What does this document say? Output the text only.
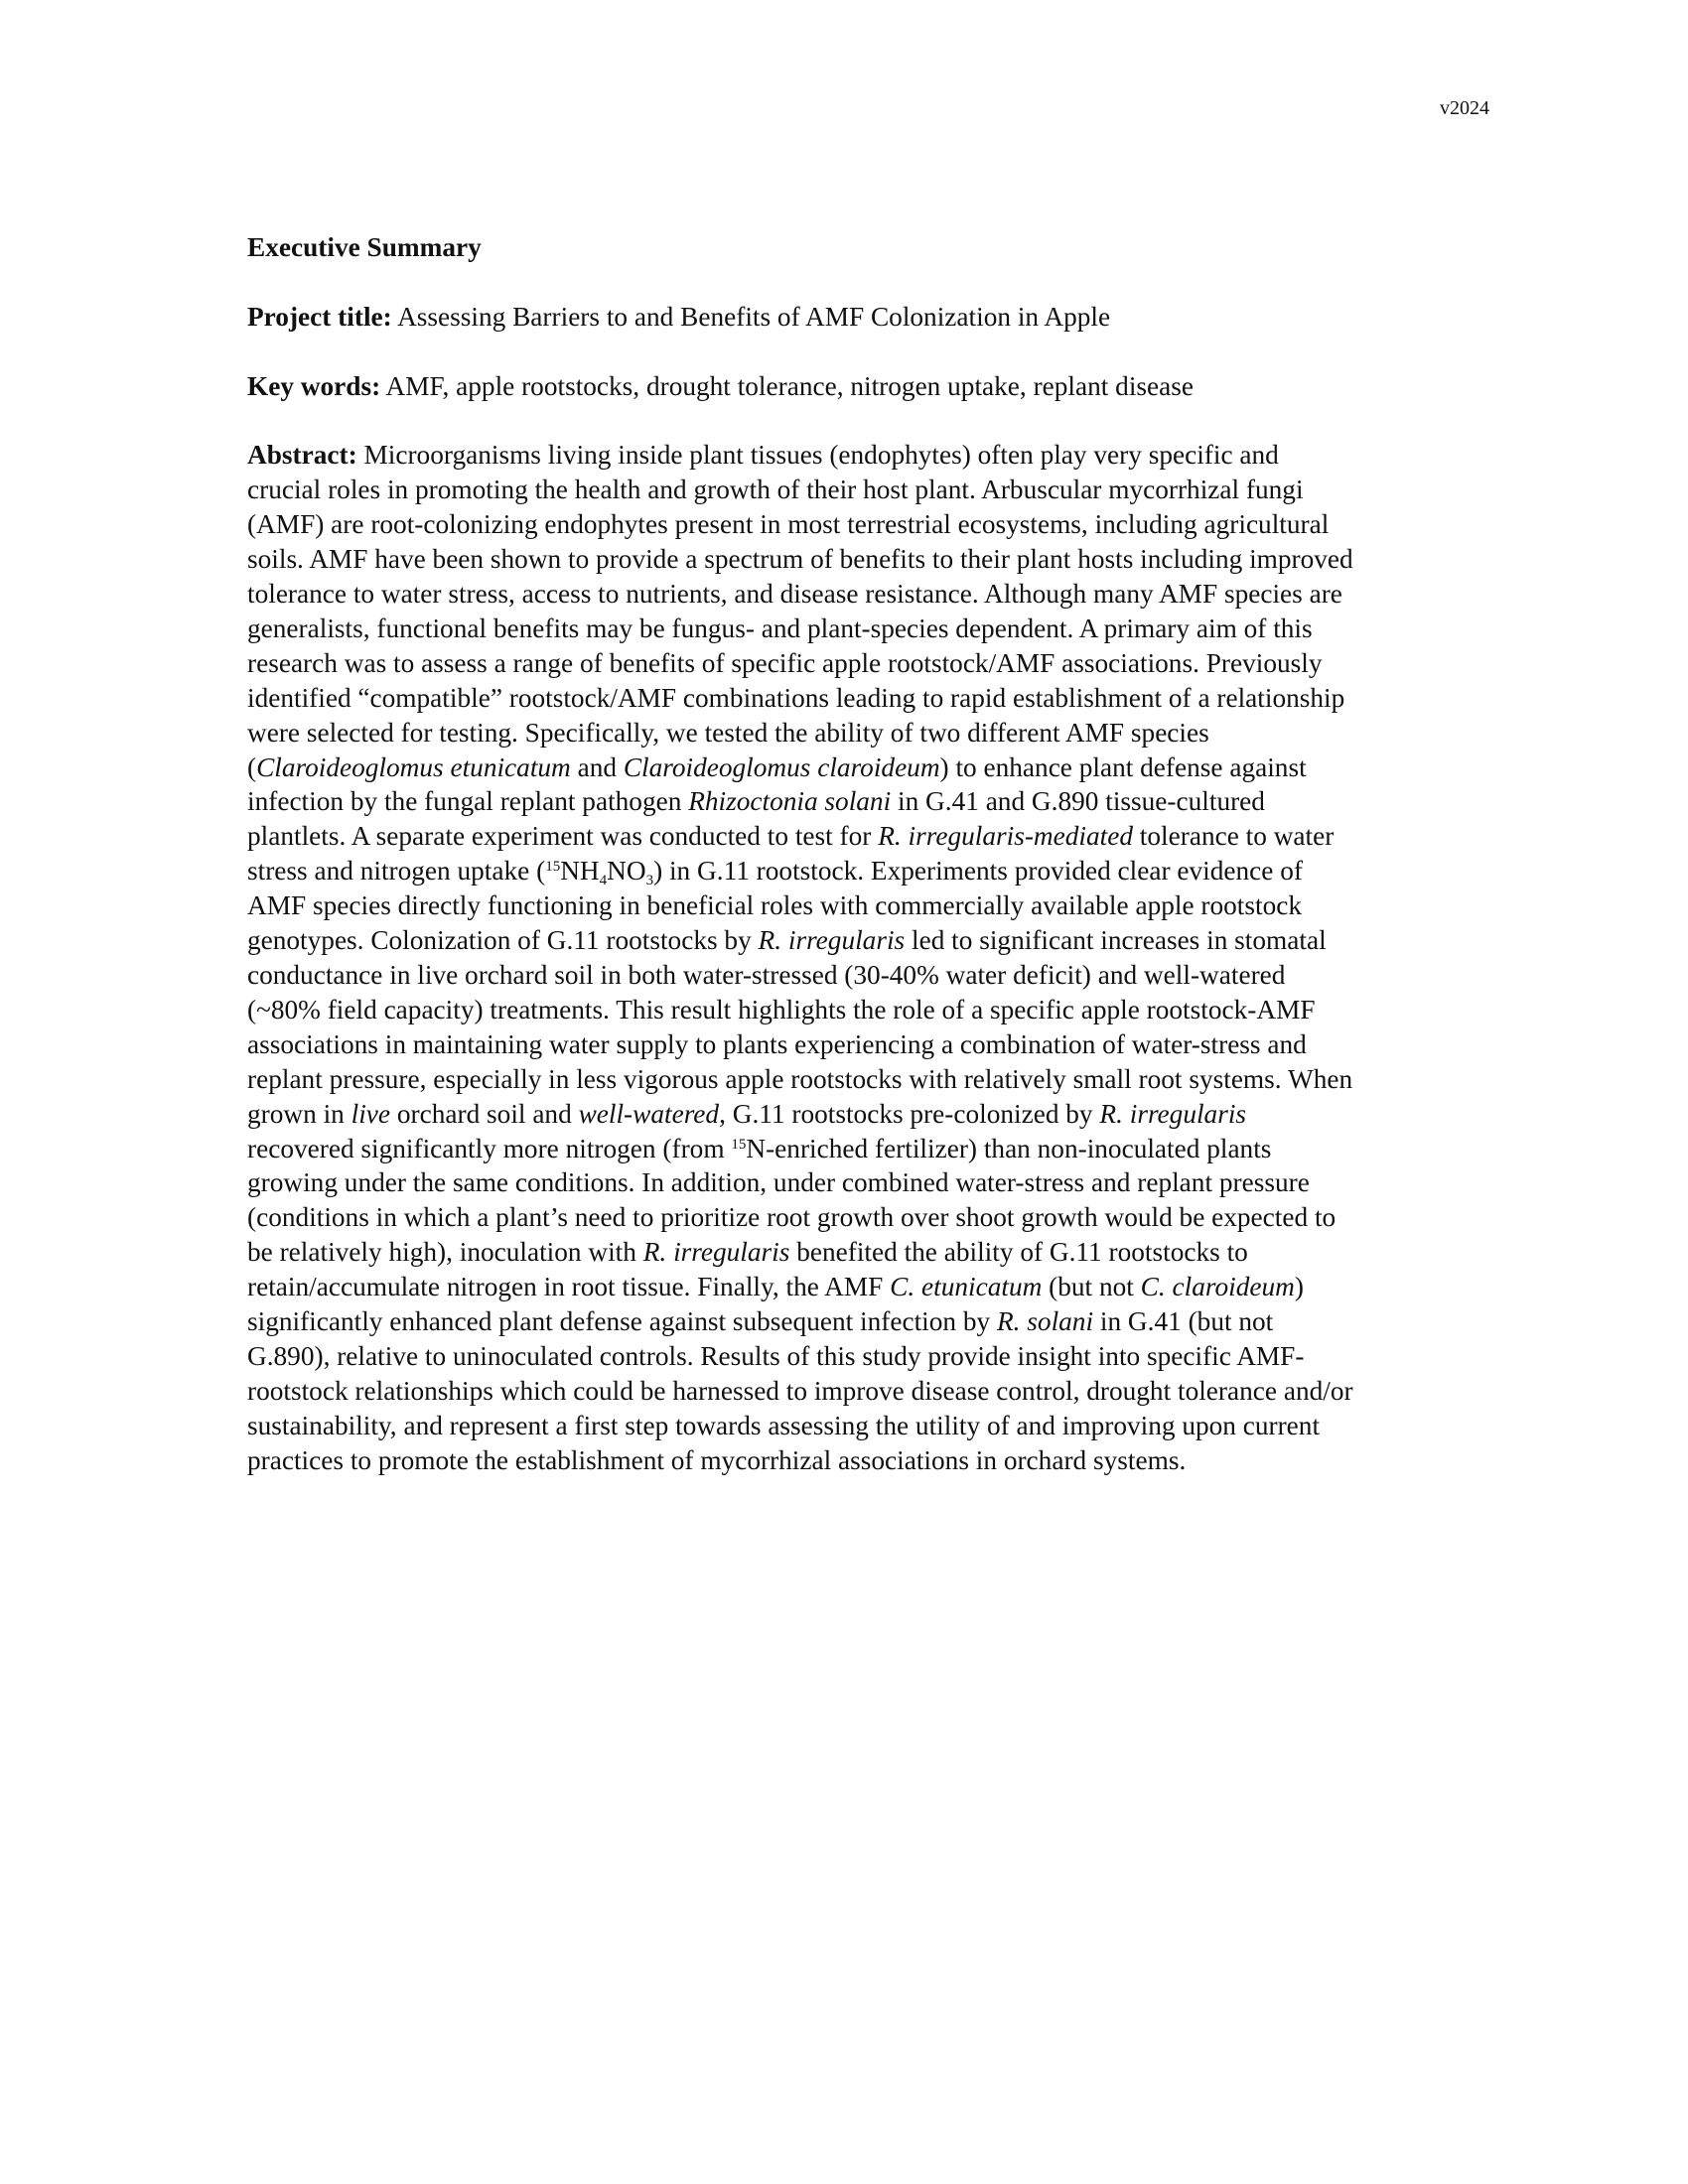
v2024

Executive Summary

Project title: Assessing Barriers to and Benefits of AMF Colonization in Apple

Key words: AMF, apple rootstocks, drought tolerance, nitrogen uptake, replant disease

Abstract: Microorganisms living inside plant tissues (endophytes) often play very specific and
crucial roles in promoting the health and growth of their host plant. Arbuscular mycorrhizal fungi
(AMF) are root-colonizing endophytes present in most terrestrial ecosystems, including agricultural
soils. AMF have been shown to provide a spectrum of benefits to their plant hosts including improved
tolerance to water stress, access to nutrients, and disease resistance. Although many AMF species are
generalists, functional benefits may be fungus- and plant-species dependent. A primary aim of this
research was to assess a range of benefits of specific apple rootstock/AMF associations. Previously
identified “compatible” rootstock/AMF combinations leading to rapid establishment of a relationship
were selected for testing. Specifically, we tested the ability of two different AMF species
(Claroideoglomus etunicatum and Claroideoglomus claroideum) to enhance plant defense against
infection by the fungal replant pathogen Rhizoctonia solani in G.41 and G.890 tissue-cultured
plantlets. A separate experiment was conducted to test for R. irregularis-mediated tolerance to water
stress and nitrogen uptake $(^{15}NH_4NO_3)$ in G.11 rootstock. Experiments provided clear evidence of
AMF species directly functioning in beneficial roles with commercially available apple rootstock
genotypes. Colonization of G.11 rootstocks by R. irregularis led to significant increases in stomatal
conductance in live orchard soil in both water-stressed (30-40% water deficit) and well-watered
(~80% field capacity) treatments. This result highlights the role of a specific apple rootstock-AMF
associations in maintaining water supply to plants experiencing a combination of water-stress and
replant pressure, especially in less vigorous apple rootstocks with relatively small root systems. When
grown in live orchard soil and well-watered, G.11 rootstocks pre-colonized by R. irregularis
recovered significantly more nitrogen (from $^{15}$N-enriched fertilizer) than non-inoculated plants
growing under the same conditions. In addition, under combined water-stress and replant pressure
(conditions in which a plant’s need to prioritize root growth over shoot growth would be expected to
be relatively high), inoculation with R. irregularis benefited the ability of G.11 rootstocks to
retain/accumulate nitrogen in root tissue. Finally, the AMF C. etunicatum (but not C. claroideum)
significantly enhanced plant defense against subsequent infection by R. solani in G.41 (but not
G.890), relative to uninoculated controls. Results of this study provide insight into specific AMF-
rootstock relationships which could be harnessed to improve disease control, drought tolerance and/or
sustainability, and represent a first step towards assessing the utility of and improving upon current
practices to promote the establishment of mycorrhizal associations in orchard systems.
